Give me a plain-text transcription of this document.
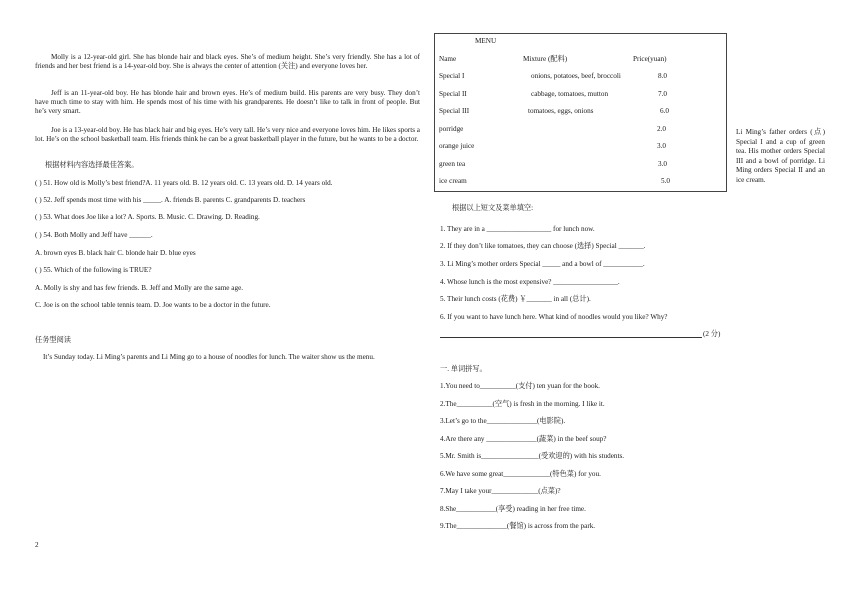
Molly is a 12-year-old girl. She has blonde hair and black eyes. She’s of medium height. She’s very friendly. She has a lot of friends and her best friend is a 14-year-old boy. She is always the center of attention (关注) and everyone loves her.
Jeff is an 11-year-old boy. He has blonde hair and brown eyes. He’s of medium build. His parents are very busy. They don’t have much time to stay with him. He spends most of his time with his grandparents. He doesn’t like to talk in front of people. But he’s very smart.
Joe is a 13-year-old boy. He has black hair and big eyes. He’s very tall. He’s very nice and everyone loves him. He likes sports a lot. He’s on the school basketball team. His friends think he can be a great basketball player in the future, but he wants to be a doctor.
根据材料内容选择最佳答案。
( ) 51. How old is Molly’s best friend?A. 11 years old. B. 12 years old. C. 13 years old. D. 14 years old.
( ) 52. Jeff spends most time with his _____. A. friends B. parents C. grandparents D. teachers
( ) 53. What does Joe like a lot? A. Sports. B. Music. C. Drawing. D. Reading.
( ) 54. Both Molly and Jeff have ______.
A. brown eyes B. black hair C. blonde hair D. blue eyes
( ) 55. Which of the following is TRUE?
A. Molly is shy and has few friends. B. Jeff and Molly are the same age.
C. Joe is on the school table tennis team. D. Joe wants to be a doctor in the future.
任务型阅读
It’s Sunday today. Li Ming’s parents and Li Ming go to a house of noodles for lunch. The waiter show us the menu.
2
MENU
Name	Mixture (配料)	Price(yuan)
Special I	onions, potatoes, beef, broccoli	8.0
Special II	cabbage, tomatoes, mutton	7.0
Special III	tomatoes, eggs, onions	6.0
porridge	2.0
orange juice	3.0
green tea	3.0
ice cream	5.0
Li Ming’s father orders (点) Special I and a cup of green tea. His mother orders Special III and a bowl of porridge. Li Ming orders Special II and an ice cream.
根据以上短文及菜单填空:
1. They are in a __________________ for lunch now.
2. If they don’t like tomatoes, they can choose (选择) Special _______.
3. Li Ming’s mother orders Special _____ and a bowl of ___________.
4. Whose lunch is the most expensive? __________________.
5. Their lunch costs (花费) ￥_______ in all (总计).
6. If you want to have lunch here. What kind of noodles would you like? Why?
(2 分)
一. 单词拼写。
1.You need to__________(支付) ten yuan for the book.
2.The__________(空气) is fresh in the morning. I like it.
3.Let’s go to the______________(电影院).
4.Are there any ______________(蔬菜) in the beef soup?
5.Mr. Smith is________________(受欢迎的) with his students.
6.We have some great_____________(特色菜) for you.
7.May I take your_____________(点菜)?
8.She___________(享受) reading in her free time.
9.The______________(餐馆) is across from the park.
